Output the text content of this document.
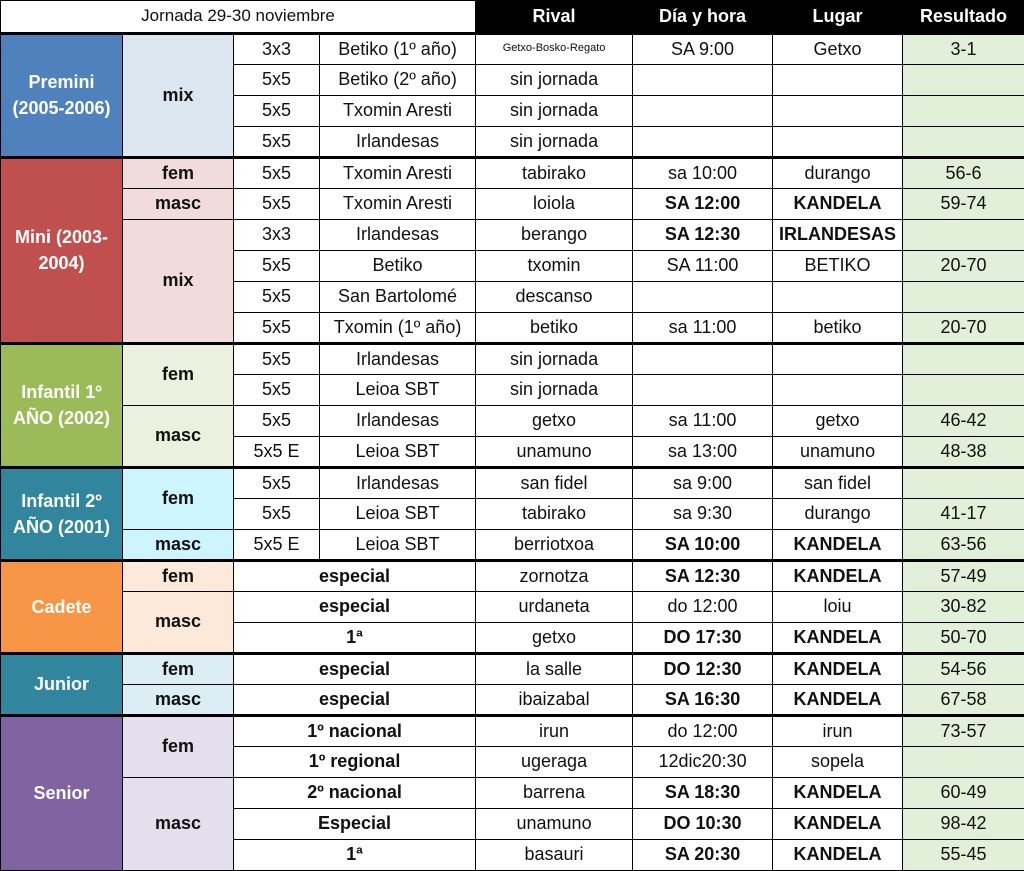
Jornada 29-30 noviembre				Rival	Día y hora	Lugar	Resultado
Premini (2005-2006)	mix	3x3	Betiko (1º año)	Getxo-Bosko-Regato	SA 9:00	Getxo	3-1
		5x5	Betiko (2º año)	sin jornada			
		5x5	Txomin Aresti	sin jornada			
		5x5	Irlandesas	sin jornada			
Mini (2003-2004)	fem	5x5	Txomin Aresti	tabirako	sa 10:00	durango	56-6
	masc	5x5	Txomin Aresti	loiola	SA 12:00	KANDELA	59-74
	mix	3x3	Irlandesas	berango	SA 12:30	IRLANDESAS	
		5x5	Betiko	txomin	SA 11:00	BETIKO	20-70
		5x5	San Bartolomé	descanso			
		5x5	Txomin (1º año)	betiko	sa 11:00	betiko	20-70
Infantil 1º AÑO (2002)	fem	5x5	Irlandesas	sin jornada			
		5x5	Leioa SBT	sin jornada			
	masc	5x5	Irlandesas	getxo	sa 11:00	getxo	46-42
		5x5 E	Leioa SBT	unamuno	sa 13:00	unamuno	48-38
Infantil 2º AÑO (2001)	fem	5x5	Irlandesas	san fidel	sa 9:00	san fidel	
		5x5	Leioa SBT	tabirako	sa 9:30	durango	41-17
	masc	5x5 E	Leioa SBT	berriotxoa	SA 10:00	KANDELA	63-56
Cadete	fem	especial		zornotza	SA 12:30	KANDELA	57-49
	masc	especial		urdaneta	do 12:00	loiu	30-82
		1ª		getxo	DO 17:30	KANDELA	50-70
Junior	fem	especial		la salle	DO 12:30	KANDELA	54-56
	masc	especial		ibaizabal	SA 16:30	KANDELA	67-58
Senior	fem	1º nacional		irun	do 12:00	irun	73-57
		1º regional		ugeraga	12dic20:30	sopela	
	masc	2º nacional		barrena	SA 18:30	KANDELA	60-49
		Especial		unamuno	DO 10:30	KANDELA	98-42
		1ª		basauri	SA 20:30	KANDELA	55-45
